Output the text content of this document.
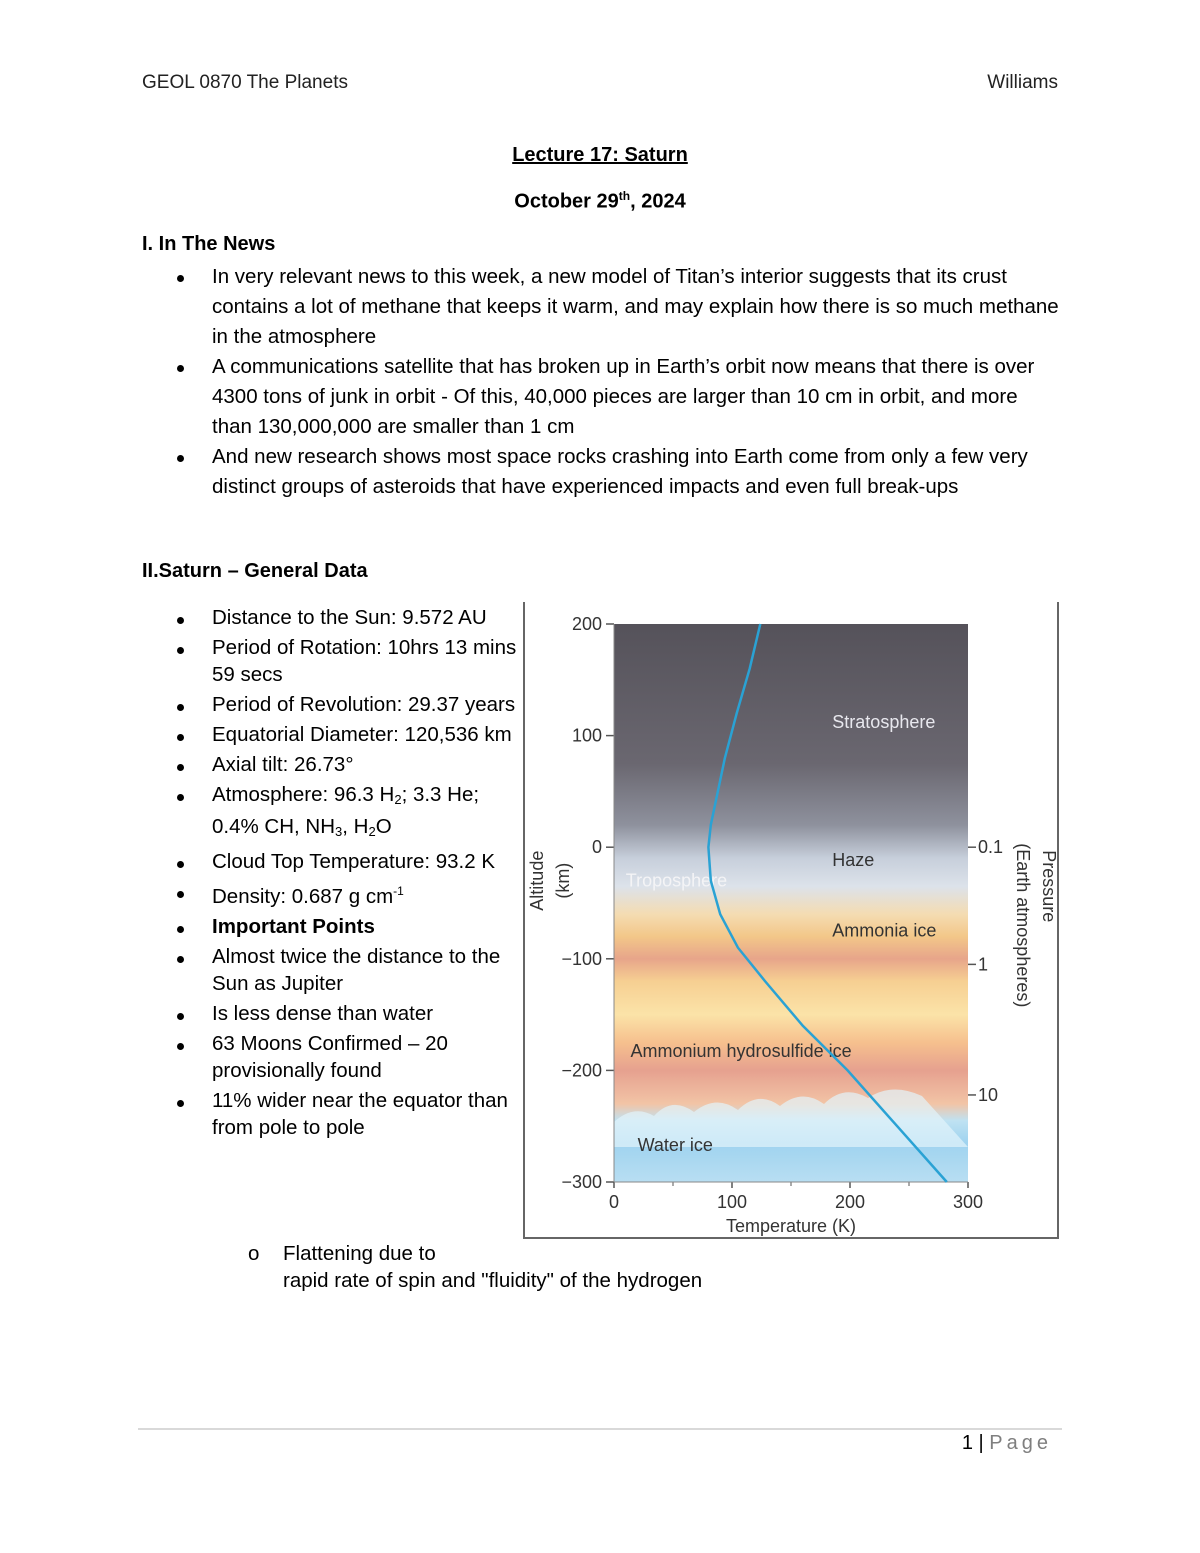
GEOL 0870 The Planets	Williams
Lecture 17: Saturn
October 29th, 2024
I. In The News
In very relevant news to this week, a new model of Titan’s interior suggests that its crust contains a lot of methane that keeps it warm, and may explain how there is so much methane in the atmosphere
A communications satellite that has broken up in Earth’s orbit now means that there is over 4300 tons of junk in orbit - Of this, 40,000 pieces are larger than 10 cm in orbit, and more than 130,000,000 are smaller than 1 cm
And new research shows most space rocks crashing into Earth come from only a few very distinct groups of asteroids that have experienced impacts and even full break-ups
II.Saturn – General Data
Distance to the Sun: 9.572 AU
Period of Rotation: 10hrs 13 mins 59 secs
Period of Revolution: 29.37 years
Equatorial Diameter: 120,536 km
Axial tilt: 26.73°
Atmosphere: 96.3 $H_2$; 3.3 He; 0.4% CH, $NH_3$, $H_2O$
Cloud Top Temperature: 93.2 K
Density: 0.687 g $cm^{-1}$
Important Points
Almost twice the distance to the Sun as Jupiter
Is less dense than water
63 Moons Confirmed – 20 provisionally found
11% wider near the equator than from pole to pole
o Flattening due to
rapid rate of spin and "fluidity" of the hydrogen
200
100
0
−100
−200
−300
0	100	200	300
0.1
1
10
Temperature (K)
Altitude (km)	Pressure
(Earth atmospheres)
Stratosphere
Haze
Troposphere
Ammonia ice
Ammonium hydrosulfide ice
Water ice
1 | Page
